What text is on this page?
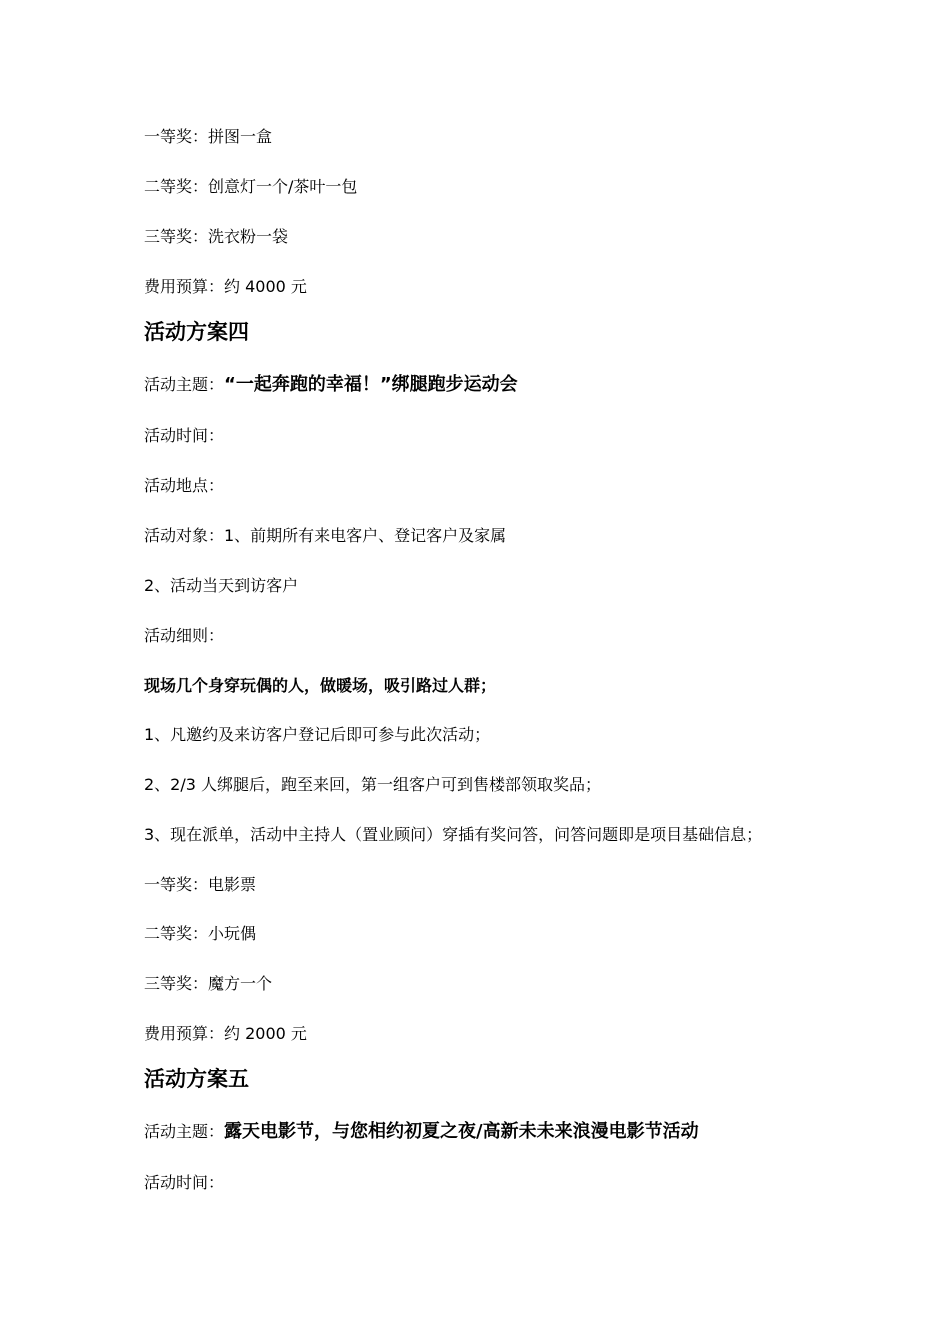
一等奖：拼图一盒
二等奖：创意灯一个/茶叶一包
三等奖：洗衣粉一袋
费用预算：约 4000 元
活动方案四
活动主题：“一起奔跑的幸福！”绑腿跑步运动会
活动时间：
活动地点：
活动对象：1、前期所有来电客户、登记客户及家属
2、活动当天到访客户
活动细则：
现场几个身穿玩偶的人，做暖场，吸引路过人群；
1、凡邀约及来访客户登记后即可参与此次活动；
2、2/3 人绑腿后，跑至来回，第一组客户可到售楼部领取奖品；
3、现在派单，活动中主持人（置业顾问）穿插有奖问答，问答问题即是项目基础信息；
一等奖：电影票
二等奖：小玩偶
三等奖：魔方一个
费用预算：约 2000 元
活动方案五
活动主题：露天电影节，与您相约初夏之夜/高新未未来浪漫电影节活动
活动时间：
